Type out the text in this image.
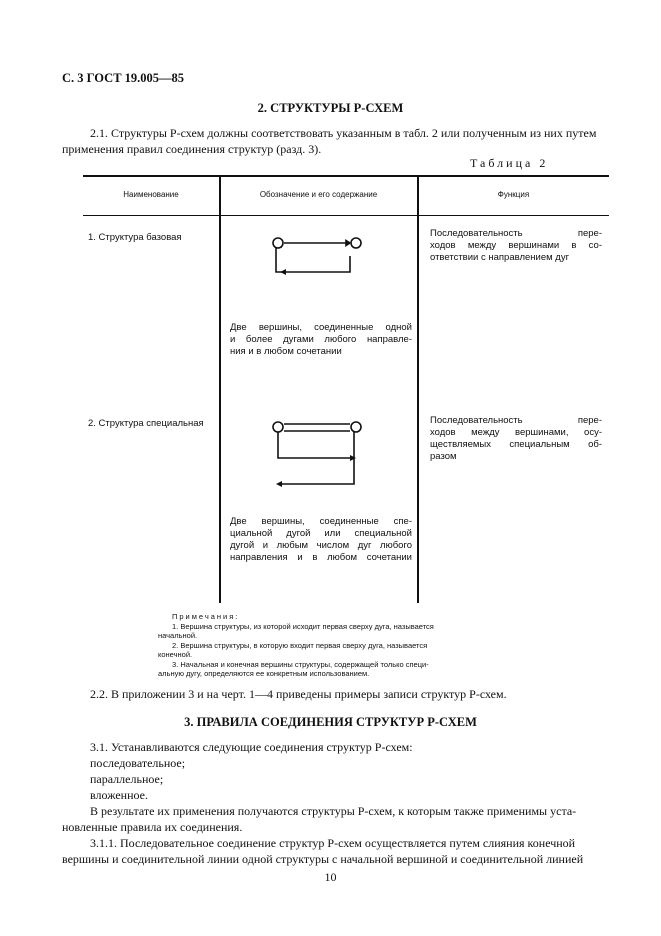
С. 3 ГОСТ 19.005—85
2. СТРУКТУРЫ Р-СХЕМ
2.1. Структуры Р-схем должны соответствовать указанным в табл. 2 или полученным из них путем
применения правил соединения структур (разд. 3).
Таблица 2
Наименование	Обозначение и его содержание	Функция
1. Структура базовая
Две вершины, соединенные одной
и более дугами любого направле-
ния и в любом сочетании
Последовательность пере-
ходов между вершинами в со-
ответствии с направлением дуг
2. Структура специальная
Две вершины, соединенные спе-
циальной дугой или специальной
дугой и любым числом дуг любого
направления и в любом сочетании
Последовательность пере-
ходов между вершинами, осу-
ществляемых специальным об-
разом
Примечания:
1. Вершина структуры, из которой исходит первая сверху дуга, называется
начальной.
2. Вершина структуры, в которую входит первая сверху дуга, называется
конечной.
3. Начальная и конечная вершины структуры, содержащей только специ-
альную дугу, определяются ее конкретным использованием.
2.2. В приложении 3 и на черт. 1—4 приведены примеры записи структур Р-схем.
3. ПРАВИЛА СОЕДИНЕНИЯ СТРУКТУР Р-СХЕМ
3.1. Устанавливаются следующие соединения структур Р-схем:
последовательное;
параллельное;
вложенное.
В результате их применения получаются структуры Р-схем, к которым также применимы уста-
новленные правила их соединения.
3.1.1. Последовательное соединение структур Р-схем осуществляется путем слияния конечной
вершины и соединительной линии одной структуры с начальной вершиной и соединительной линией
10
